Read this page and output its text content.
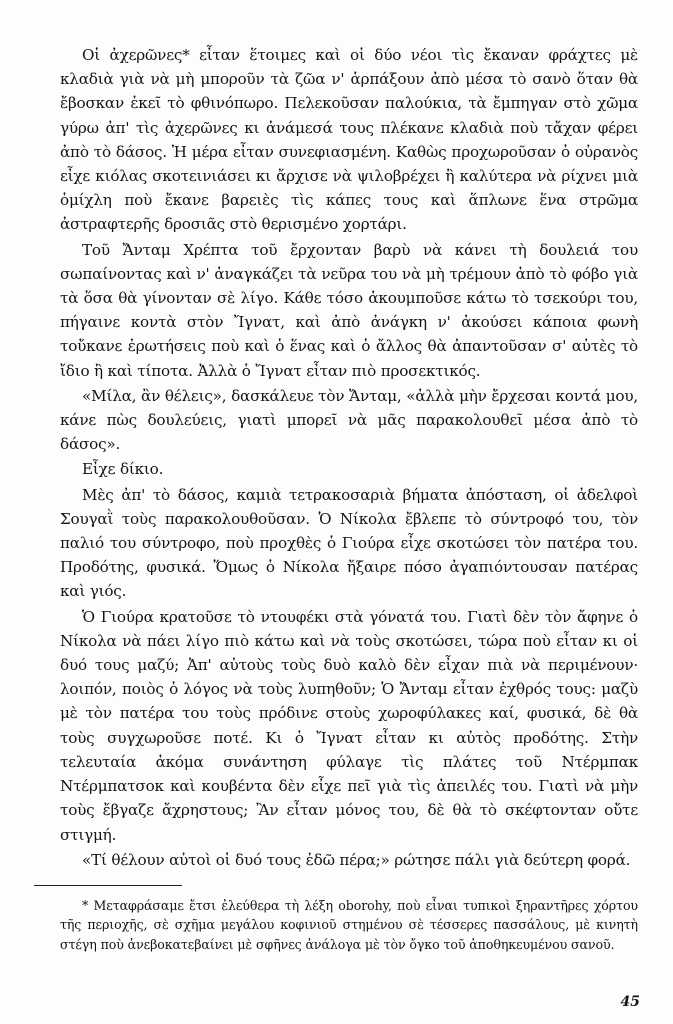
Οἱ ἀχερῶνες* εἶταν ἕτοιμες καὶ οἱ δύο νέοι τὶς ἔκαναν φράχτες μὲ κλαδιὰ γιὰ νὰ μὴ μποροῦν τὰ ζῶα ν' ἁρπάξουν ἀπὸ μέσα τὸ σανὸ ὅταν θὰ ἔβοσκαν ἐκεῖ τὸ φθινόπωρο. Πελεκοῦσαν παλούκια, τὰ ἔμπηγαν στὸ χῶμα γύρω ἀπ' τὶς ἀχερῶνες κι ἀνάμεσά τους πλέκανε κλαδιὰ ποὺ τἄχαν φέρει ἀπὸ τὸ δάσος. Ἡ μέρα εἶταν συνεφιασμένη. Καθὼς προχωροῦσαν ὁ οὐρανὸς εἶχε κιόλας σκοτεινιάσει κι ἄρχισε νὰ ψιλοβρέχει ἢ καλύτερα νὰ ρίχνει μιὰ ὁμίχλη ποὺ ἔκανε βαρειὲς τὶς κάπες τους καὶ ἅπλωνε ἕνα στρῶμα ἀστραφτερῆς δροσιᾶς στὸ θερισμένο χορτάρι.

Τοῦ Ἄνταμ Χρέπτα τοῦ ἔρχονταν βαρὺ νὰ κάνει τὴ δουλειά του σωπαίνοντας καὶ ν' ἀναγκάζει τὰ νεῦρα του νὰ μὴ τρέμουν ἀπὸ τὸ φόβο γιὰ τὰ ὅσα θὰ γίνονταν σὲ λίγο. Κάθε τόσο ἀκουμποῦσε κάτω τὸ τσεκούρι του, πήγαινε κοντὰ στὸν Ἴγνατ, καὶ ἀπὸ ἀνάγκη ν' ἀκούσει κάποια φωνὴ τοὔκανε ἐρωτήσεις ποὺ καὶ ὁ ἕνας καὶ ὁ ἄλλος θὰ ἀπαντοῦσαν σ' αὐτὲς τὸ ἴδιο ἢ καὶ τίποτα. Ἀλλὰ ὁ Ἴγνατ εἶταν πιὸ προσεκτικός.

«Μίλα, ἂν θέλεις», δασκάλευε τὸν Ἄνταμ, «ἀλλὰ μὴν ἔρχεσαι κοντά μου, κάνε πὼς δουλεύεις, γιατὶ μπορεῖ νὰ μᾶς παρακολουθεῖ μέσα ἀπὸ τὸ δάσος».

Εἶχε δίκιο.

Μὲς ἀπ' τὸ δάσος, καμιὰ τετρακοσαριὰ βήματα ἀπόσταση, οἱ ἀδελφοὶ Σουγαῒ τοὺς παρακολουθοῦσαν. Ὁ Νίκολα ἔβλεπε τὸ σύντροφό του, τὸν παλιό του σύντροφο, ποὺ προχθὲς ὁ Γιούρα εἶχε σκοτώσει τὸν πατέρα του. Προδότης, φυσικά. Ὅμως ὁ Νίκολα ἤξαιρε πόσο ἀγαπιόντουσαν πατέρας καὶ γιός.

Ὁ Γιούρα κρατοῦσε τὸ ντουφέκι στὰ γόνατά του. Γιατὶ δὲν τὸν ἄφηνε ὁ Νίκολα νὰ πάει λίγο πιὸ κάτω καὶ νὰ τοὺς σκοτώσει, τώρα ποὺ εἶταν κι οἱ δυό τους μαζύ; Ἀπ' αὐτοὺς τοὺς δυὸ καλὸ δὲν εἶχαν πιὰ νὰ περιμένουν· λοιπόν, ποιὸς ὁ λόγος νὰ τοὺς λυπηθοῦν; Ὁ Ἄνταμ εἶταν ἐχθρός τους: μαζὺ μὲ τὸν πατέρα του τοὺς πρόδινε στοὺς χωροφύλακες καί, φυσικά, δὲ θὰ τοὺς συγχωροῦσε ποτέ. Κι ὁ Ἴγνατ εἶταν κι αὐτὸς προδότης. Στὴν τελευταία ἀκόμα συνάντηση φύλαγε τὶς πλάτες τοῦ Ντέρμπακ Ντέρμπατσοκ καὶ κουβέντα δὲν εἶχε πεῖ γιὰ τὶς ἀπειλές του. Γιατὶ νὰ μὴν τοὺς ἔβγαζε ἄχρηστους; Ἂν εἶταν μόνος του, δὲ θὰ τὸ σκέφτονταν οὔτε στιγμή.

«Τί θέλουν αὐτοὶ οἱ δυό τους ἐδῶ πέρα;» ρώτησε πάλι γιὰ δεύτερη φορά.

* Μεταφράσαμε ἔτσι ἐλεύθερα τὴ λέξη oborohy, ποὺ εἶναι τυπικοὶ ξηραντῆρες χόρτου τῆς περιοχῆς, σὲ σχῆμα μεγάλου κοφινιοῦ στημένου σὲ τέσσερες πασσάλους, μὲ κινητὴ στέγη ποὺ ἀνεβοκατεβαίνει μὲ σφῆνες ἀνάλογα μὲ τὸν ὄγκο τοῦ ἀποθηκευμένου σανοῦ.

45
